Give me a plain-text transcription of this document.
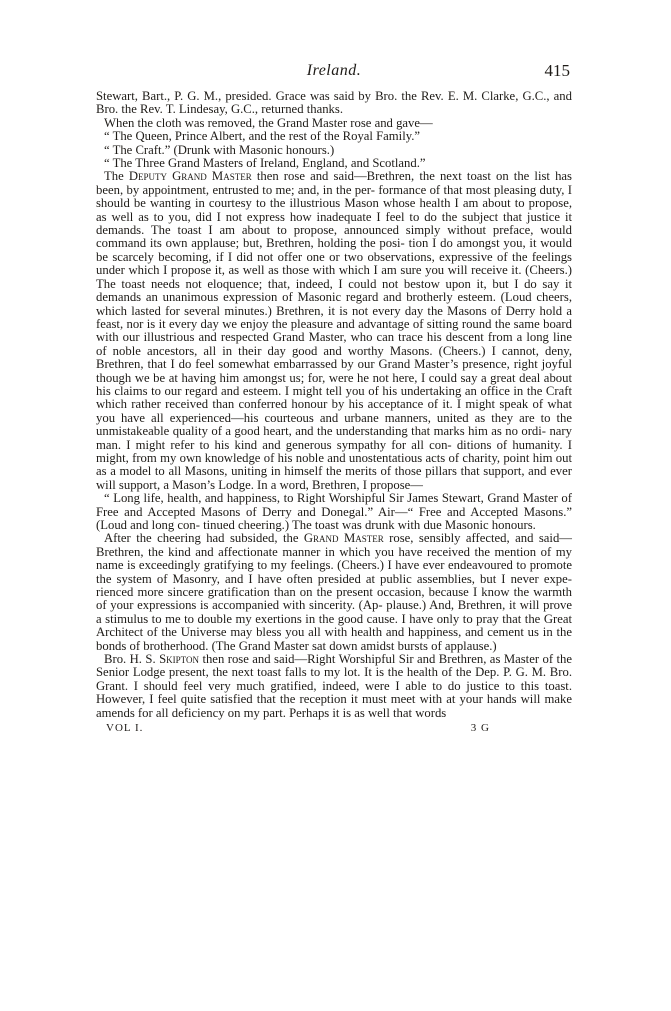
Ireland.	415

Stewart, Bart., P. G. M., presided. Grace was said by Bro. the Rev. E. M. Clarke, G.C., and Bro. the Rev. T. Lindesay, G.C., returned thanks.

When the cloth was removed, the Grand Master rose and gave—

“ The Queen, Prince Albert, and the rest of the Royal Family.”

“ The Craft.” (Drunk with Masonic honours.)

“ The Three Grand Masters of Ireland, England, and Scotland.”

The Deputy Grand Master then rose and said—Brethren, the next toast on the list has been, by appointment, entrusted to me; and, in the per- formance of that most pleasing duty, I should be wanting in courtesy to the illustrious Mason whose health I am about to propose, as well as to you, did I not express how inadequate I feel to do the subject that justice it demands. The toast I am about to propose, announced simply without preface, would command its own applause; but, Brethren, holding the posi- tion I do amongst you, it would be scarcely becoming, if I did not offer one or two observations, expressive of the feelings under which I propose it, as well as those with which I am sure you will receive it. (Cheers.) The toast needs not eloquence; that, indeed, I could not bestow upon it, but I do say it demands an unanimous expression of Masonic regard and brotherly esteem. (Loud cheers, which lasted for several minutes.) Brethren, it is not every day the Masons of Derry hold a feast, nor is it every day we enjoy the pleasure and advantage of sitting round the same board with our illustrious and respected Grand Master, who can trace his descent from a long line of noble ancestors, all in their day good and worthy Masons. (Cheers.) I cannot, deny, Brethren, that I do feel somewhat embarrassed by our Grand Master’s presence, right joyful though we be at having him amongst us; for, were he not here, I could say a great deal about his claims to our regard and esteem. I might tell you of his undertaking an office in the Craft which rather received than conferred honour by his acceptance of it. I might speak of what you have all experienced—his courteous and urbane manners, united as they are to the unmistakeable quality of a good heart, and the understanding that marks him as no ordi- nary man. I might refer to his kind and generous sympathy for all con- ditions of humanity. I might, from my own knowledge of his noble and unostentatious acts of charity, point him out as a model to all Masons, uniting in himself the merits of those pillars that support, and ever will support, a Mason’s Lodge. In a word, Brethren, I propose—

“ Long life, health, and happiness, to Right Worshipful Sir James Stewart, Grand Master of Free and Accepted Masons of Derry and Donegal.” Air—“ Free and Accepted Masons.” (Loud and long con- tinued cheering.) The toast was drunk with due Masonic honours.

After the cheering had subsided, the Grand Master rose, sensibly affected, and said—Brethren, the kind and affectionate manner in which you have received the mention of my name is exceedingly gratifying to my feelings. (Cheers.) I have ever endeavoured to promote the system of Masonry, and I have often presided at public assemblies, but I never expe- rienced more sincere gratification than on the present occasion, because I know the warmth of your expressions is accompanied with sincerity. (Ap- plause.) And, Brethren, it will prove a stimulus to me to double my exertions in the good cause. I have only to pray that the Great Architect of the Universe may bless you all with health and happiness, and cement us in the bonds of brotherhood. (The Grand Master sat down amidst bursts of applause.)

Bro. H. S. Skipton then rose and said—Right Worshipful Sir and Brethren, as Master of the Senior Lodge present, the next toast falls to my lot. It is the health of the Dep. P. G. M. Bro. Grant. I should feel very much gratified, indeed, were I able to do justice to this toast. However, I feel quite satisfied that the reception it must meet with at your hands will make amends for all deficiency on my part. Perhaps it is as well that words

VOL I.	3 G
